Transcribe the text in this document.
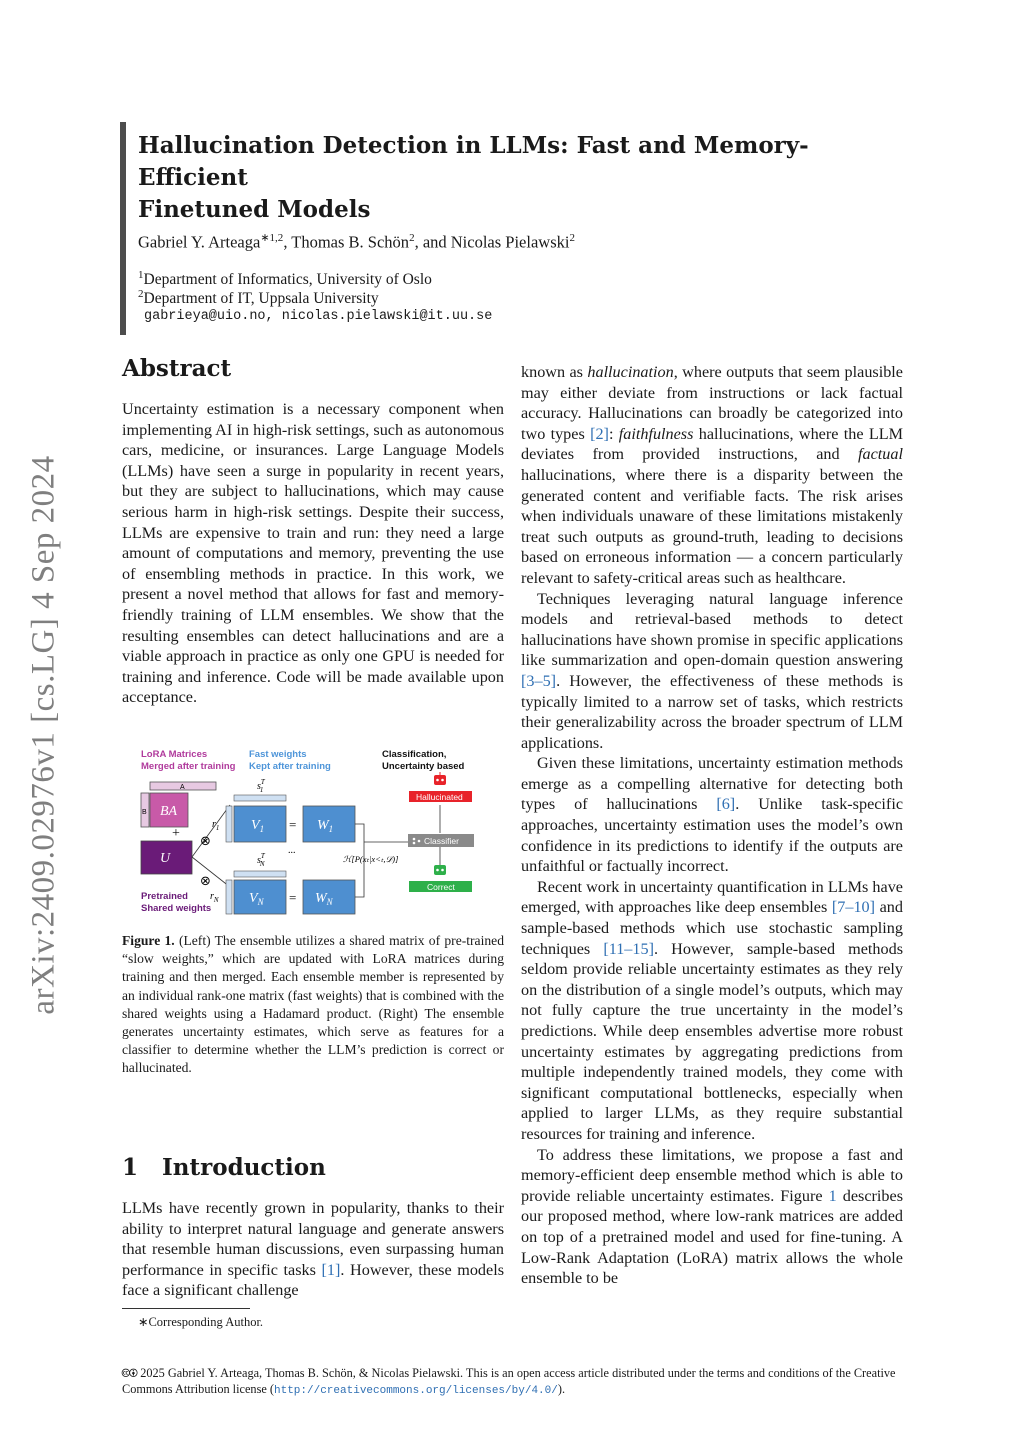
arXiv:2409.02976v1 [cs.LG] 4 Sep 2024
Hallucination Detection in LLMs: Fast and Memory-Efficient
Finetuned Models
Gabriel Y. Arteaga$^{∗1,2}$, Thomas B. Schön$^2$, and Nicolas Pielawski$^2$
$^1$Department of Informatics, University of Oslo
$^2$Department of IT, Uppsala University
gabrieya@uio.no, nicolas.pielawski@it.uu.se
Abstract

Uncertainty estimation is a necessary component when implementing AI in high-risk settings, such as autonomous cars, medicine, or insurances. Large Language Models (LLMs) have seen a surge in popularity in recent years, but they are subject to hallucinations, which may cause serious harm in high-risk settings. Despite their success, LLMs are expensive to train and run: they need a large amount of computations and memory, preventing the use of ensembling methods in practice. In this work, we present a novel method that allows for fast and memory-friendly training of LLM ensembles. We show that the resulting ensembles can detect hallucinations and are a viable approach in practice as only one GPU is needed for training and inference. Code will be made available upon acceptance.

LoRA Matrices
Merged after training
Fast weights
Kept after training
Classification,
Uncertainty based
A
B BA
+
U
⊗
⊗
$s^T$ 1
$r_1$ $V_1 = W_1$
...
$s^T$ N
$r_N$ $V_N = W_N$
ℋ[P(xₜ|x<ₜ,𝒟)]
Hallucinated
Classifier
Correct
Pretrained
Shared weights
Figure 1. (Left) The ensemble utilizes a shared matrix of pre-trained “slow weights,” which are updated with LoRA matrices during training and then merged. Each ensemble member is represented by an individual rank-one matrix (fast weights) that is combined with the shared weights using a Hadamard product. (Right) The ensemble generates uncertainty estimates, which serve as features for a classifier to determine whether the LLM’s prediction is correct or hallucinated.
1 Introduction

LLMs have recently grown in popularity, thanks to their ability to interpret natural language and generate answers that resemble human discussions, even surpassing human performance in specific tasks [1]. However, these models face a significant challenge

∗Corresponding Author.

known as hallucination, where outputs that seem plausible may either deviate from instructions or lack factual accuracy. Hallucinations can broadly be categorized into two types [2]: faithfulness hallucinations, where the LLM deviates from provided instructions, and factual hallucinations, where there is a disparity between the generated content and verifiable facts. The risk arises when individuals unaware of these limitations mistakenly treat such outputs as ground-truth, leading to decisions based on erroneous information — a concern particularly relevant to safety-critical areas such as healthcare.

Techniques leveraging natural language inference models and retrieval-based methods to detect hallucinations have shown promise in specific applications like summarization and open-domain question answering [3–5]. However, the effectiveness of these methods is typically limited to a narrow set of tasks, which restricts their generalizability across the broader spectrum of LLM applications.

Given these limitations, uncertainty estimation methods emerge as a compelling alternative for detecting both types of hallucinations [6]. Unlike task-specific approaches, uncertainty estimation uses the model’s own confidence in its predictions to identify if the outputs are unfaithful or factually incorrect.

Recent work in uncertainty quantification in LLMs have emerged, with approaches like deep ensembles [7–10] and sample-based methods which use stochastic sampling techniques [11–15]. However, sample-based methods seldom provide reliable uncertainty estimates as they rely on the distribution of a single model’s outputs, which may not fully capture the true uncertainty in the model’s predictions. While deep ensembles advertise more robust uncertainty estimates by aggregating predictions from multiple independently trained models, they come with significant computational bottlenecks, especially when applied to larger LLMs, as they require substantial resources for training and inference.

To address these limitations, we propose a fast and memory-efficient deep ensemble method which is able to provide reliable uncertainty estimates. Figure 1 describes our proposed method, where low-rank matrices are added on top of a pretrained model and used for fine-tuning. A Low-Rank Adaptation (LoRA) matrix allows the whole ensemble to be

🅭🅯 2025 Gabriel Y. Arteaga, Thomas B. Schön, & Nicolas Pielawski. This is an open access article distributed under the terms and conditions of the Creative Commons Attribution license (http://creativecommons.org/licenses/by/4.0/).
